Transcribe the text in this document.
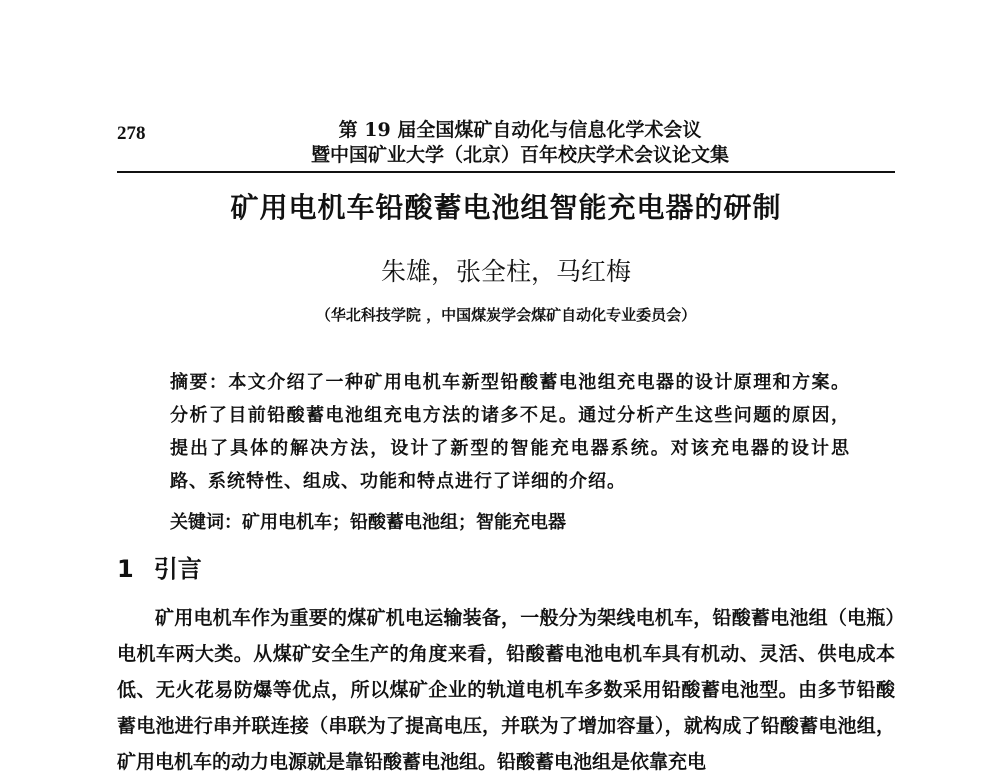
278	第 19 届全国煤矿自动化与信息化学术会议
暨中国矿业大学（北京）百年校庆学术会议论文集
矿用电机车铅酸蓄电池组智能充电器的研制
朱雄，张全柱，马红梅
（华北科技学院 ，中国煤炭学会煤矿自动化专业委员会）
摘要：本文介绍了一种矿用电机车新型铅酸蓄电池组充电器的设计原理和方案。分析了目前铅酸蓄电池组充电方法的诸多不足。通过分析产生这些问题的原因，提出了具体的解决方法，设计了新型的智能充电器系统。对该充电器的设计思路、系统特性、组成、功能和特点进行了详细的介绍。
关键词：矿用电机车；铅酸蓄电池组；智能充电器
1 引言
矿用电机车作为重要的煤矿机电运输装备，一般分为架线电机车，铅酸蓄电池组（电瓶）电机车两大类。从煤矿安全生产的角度来看，铅酸蓄电池电机车具有机动、灵活、供电成本低、无火花易防爆等优点，所以煤矿企业的轨道电机车多数采用铅酸蓄电池型。由多节铅酸蓄电池进行串并联连接（串联为了提高电压，并联为了增加容量），就构成了铅酸蓄电池组，矿用电机车的动力电源就是靠铅酸蓄电池组。铅酸蓄电池组是依靠充电
